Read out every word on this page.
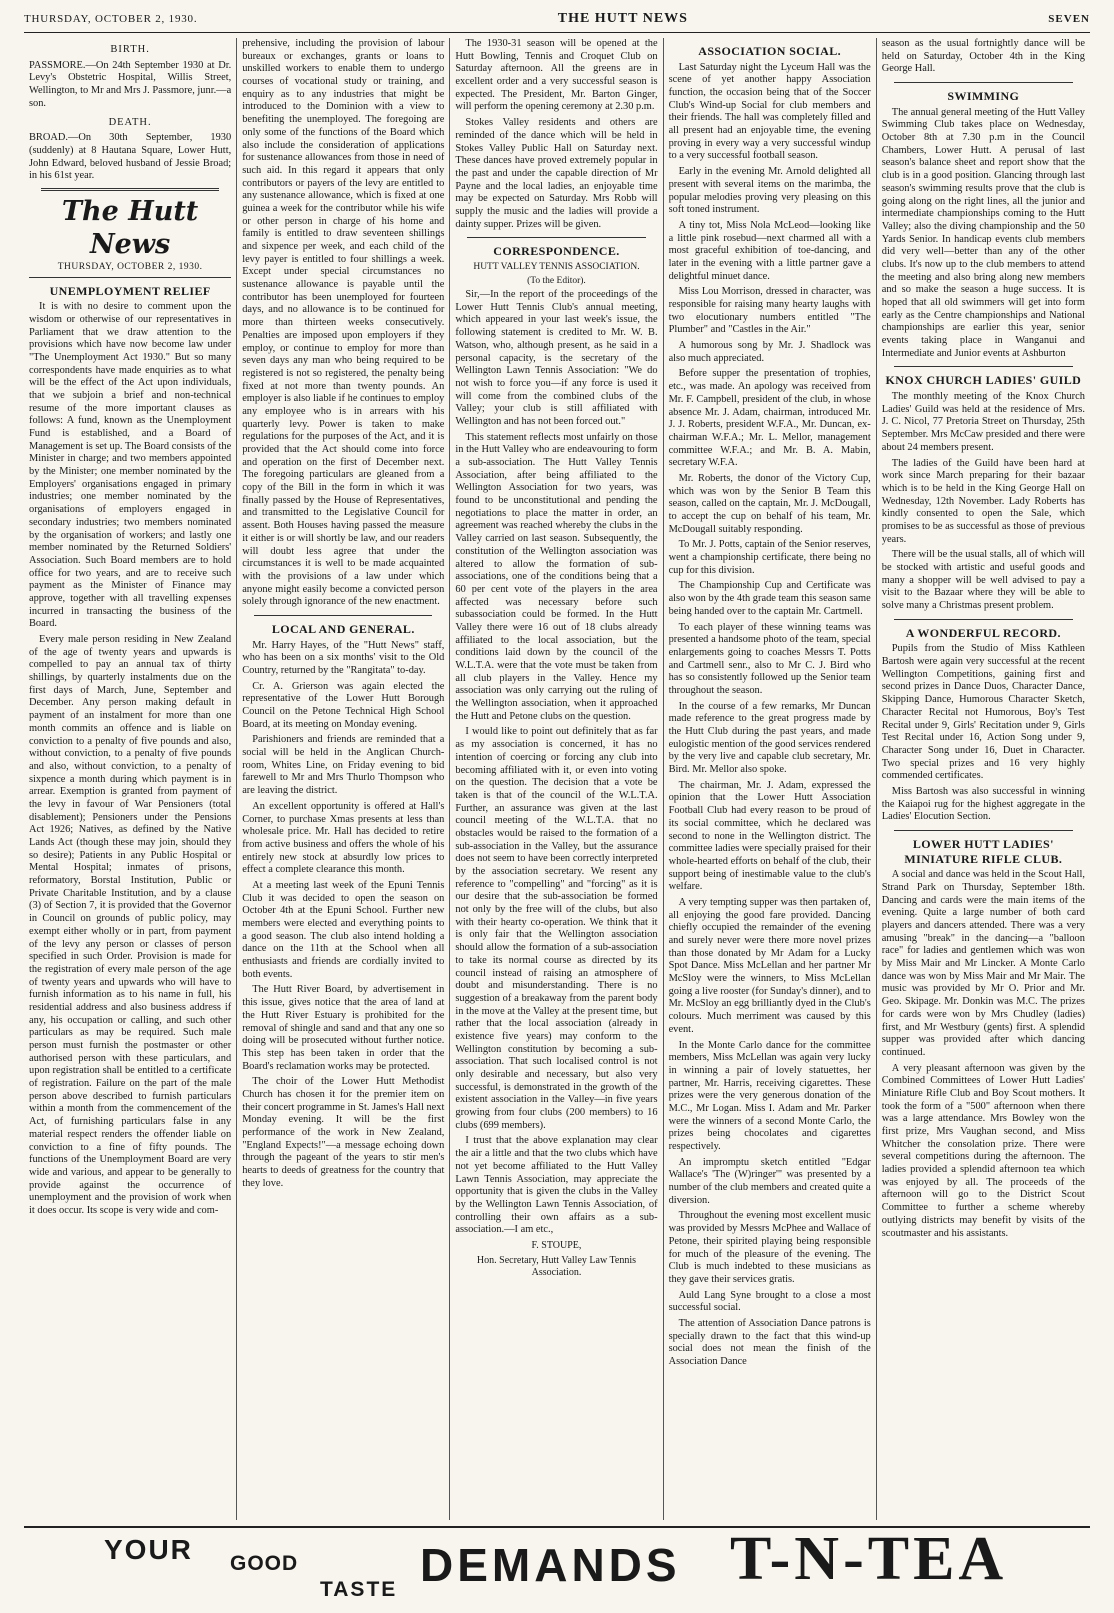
THURSDAY, OCTOBER 2, 1930.	THE HUTT NEWS	SEVEN
BIRTH.

PASSMORE.—On 24th September 1930 at Dr. Levy's Obstetric Hospital, Willis Street, Wellington, to Mr and Mrs J. Passmore, junr.—a son.

DEATH.

BROAD.—On 30th September, 1930 (suddenly) at 8 Hautana Square, Lower Hutt, John Edward, beloved husband of Jessie Broad; in his 61st year.

The Hutt News
THURSDAY, OCTOBER 2, 1930.
UNEMPLOYMENT RELIEF

It is with no desire to comment upon the wisdom or otherwise of our representatives in Parliament that we draw attention to the provisions which have now become law under "The Unemployment Act 1930." But so many correspondents have made enquiries as to what will be the effect of the Act upon individuals, that we subjoin a brief and non-technical resume of the more important clauses as follows: A fund, known as the Unemployment Fund is established, and a Board of Management is set up. The Board consists of the Minister in charge; and two members appointed by the Minister; one member nominated by the Employers' organisations engaged in primary industries; one member nominated by the organisations of employers engaged in secondary industries; two members nominated by the organisation of workers; and lastly one member nominated by the Returned Soldiers' Association. Such Board members are to hold office for two years, and are to receive such payment as the Minister of Finance may approve, together with all travelling expenses incurred in transacting the business of the Board.

Every male person residing in New Zealand of the age of twenty years and upwards is compelled to pay an annual tax of thirty shillings, by quarterly instalments due on the first days of March, June, September and December. Any person making default in payment of an instalment for more than one month commits an offence and is liable on conviction to a penalty of five pounds and also, without conviction, to a penalty of five pounds and also, without conviction, to a penalty of sixpence a month during which payment is in arrear. Exemption is granted from payment of the levy in favour of War Pensioners (total disablement); Pensioners under the Pensions Act 1926; Natives, as defined by the Native Lands Act (though these may join, should they so desire); Patients in any Public Hospital or Mental Hospital; inmates of prisons, reformatory, Borstal Institution, Public or Private Charitable Institution, and by a clause (3) of Section 7, it is provided that the Governor in Council on grounds of public policy, may exempt either wholly or in part, from payment of the levy any person or classes of person specified in such Order. Provision is made for the registration of every male person of the age of twenty years and upwards who will have to furnish information as to his name in full, his residential address and also business address if any, his occupation or calling, and such other particulars as may be required. Such male person must furnish the postmaster or other authorised person with these particulars, and upon registration shall be entitled to a certificate of registration. Failure on the part of the male person above described to furnish particulars within a month from the commencement of the Act, of furnishing particulars false in any material respect renders the offender liable on conviction to a fine of fifty pounds. The functions of the Unemployment Board are very wide and various, and appear to be generally to provide against the occurrence of unemployment and the provision of work when it does occur. Its scope is very wide and com-

prehensive, including the provision of labour bureaux or exchanges, grants or loans to unskilled workers to enable them to undergo courses of vocational study or training, and enquiry as to any industries that might be introduced to the Dominion with a view to benefiting the unemployed. The foregoing are only some of the functions of the Board which also include the consideration of applications for sustenance allowances from those in need of such aid. In this regard it appears that only contributors or payers of the levy are entitled to any sustenance allowance, which is fixed at one guinea a week for the contributor while his wife or other person in charge of his home and family is entitled to draw seventeen shillings and sixpence per week, and each child of the levy payer is entitled to four shillings a week. Except under special circumstances no sustenance allowance is payable until the contributor has been unemployed for fourteen days, and no allowance is to be continued for more than thirteen weeks consecutively. Penalties are imposed upon employers if they employ, or continue to employ for more than seven days any man who being required to be registered is not so registered, the penalty being fixed at not more than twenty pounds. An employer is also liable if he continues to employ any employee who is in arrears with his quarterly levy. Power is taken to make regulations for the purposes of the Act, and it is provided that the Act should come into force and operation on the first of December next. The foregoing particulars are gleaned from a copy of the Bill in the form in which it was finally passed by the House of Representatives, and transmitted to the Legislative Council for assent. Both Houses having passed the measure it either is or will shortly be law, and our readers will doubt less agree that under the circumstances it is well to be made acquainted with the provisions of a law under which anyone might easily become a convicted person solely through ignorance of the new enactment.

LOCAL AND GENERAL.

Mr. Harry Hayes, of the "Hutt News" staff, who has been on a six months' visit to the Old Country, returned by the "Rangitata" to-day.

Cr. A. Grierson was again elected the representative of the Lower Hutt Borough Council on the Petone Technical High School Board, at its meeting on Monday evening.

Parishioners and friends are reminded that a social will be held in the Anglican Church-room, Whites Line, on Friday evening to bid farewell to Mr and Mrs Thurlo Thompson who are leaving the district.

An excellent opportunity is offered at Hall's Corner, to purchase Xmas presents at less than wholesale price. Mr. Hall has decided to retire from active business and offers the whole of his entirely new stock at absurdly low prices to effect a complete clearance this month.

At a meeting last week of the Epuni Tennis Club it was decided to open the season on October 4th at the Epuni School. Further new members were elected and everything points to a good season. The club also intend holding a dance on the 11th at the School when all enthusiasts and friends are cordially invited to both events.

The Hutt River Board, by advertisement in this issue, gives notice that the area of land at the Hutt River Estuary is prohibited for the removal of shingle and sand and that any one so doing will be prosecuted without further notice. This step has been taken in order that the Board's reclamation works may be protected.

The choir of the Lower Hutt Methodist Church has chosen it for the premier item on their concert programme in St. James's Hall next Monday evening. It will be the first performance of the work in New Zealand, "England Expects!"—a message echoing down through the pageant of the years to stir men's hearts to deeds of greatness for the country that they love.

The 1930-31 season will be opened at the Hutt Bowling, Tennis and Croquet Club on Saturday afternoon. All the greens are in excellent order and a very successful season is expected. The President, Mr. Barton Ginger, will perform the opening ceremony at 2.30 p.m.

Stokes Valley residents and others are reminded of the dance which will be held in Stokes Valley Public Hall on Saturday next. These dances have proved extremely popular in the past and under the capable direction of Mr Payne and the local ladies, an enjoyable time may be expected on Saturday. Mrs Robb will supply the music and the ladies will provide a dainty supper. Prizes will be given.

CORRESPONDENCE.
HUTT VALLEY TENNIS ASSOCIATION.
(To the Editor).

Sir,—In the report of the proceedings of the Lower Hutt Tennis Club's annual meeting, which appeared in your last week's issue, the following statement is credited to Mr. W. B. Watson, who, although present, as he said in a personal capacity, is the secretary of the Wellington Lawn Tennis Association: "We do not wish to force you—if any force is used it will come from the combined clubs of the Valley; your club is still affiliated with Wellington and has not been forced out."

This statement reflects most unfairly on those in the Hutt Valley who are endeavouring to form a sub-association. The Hutt Valley Tennis Association, after being affiliated to the Wellington Association for two years, was found to be unconstitutional and pending the negotiations to place the matter in order, an agreement was reached whereby the clubs in the Valley carried on last season. Subsequently, the constitution of the Wellington association was altered to allow the formation of sub-associations, one of the conditions being that a 60 per cent vote of the players in the area affected was necessary before such subassociation could be formed. In the Hutt Valley there were 16 out of 18 clubs already affiliated to the local association, but the conditions laid down by the council of the W.L.T.A. were that the vote must be taken from all club players in the Valley. Hence my association was only carrying out the ruling of the Wellington association, when it approached the Hutt and Petone clubs on the question.

I would like to point out definitely that as far as my association is concerned, it has no intention of coercing or forcing any club into becoming affiliated with it, or even into voting on the question. The decision that a vote be taken is that of the council of the W.L.T.A. Further, an assurance was given at the last council meeting of the W.L.T.A. that no obstacles would be raised to the formation of a sub-association in the Valley, but the assurance does not seem to have been correctly interpreted by the association secretary. We resent any reference to "compelling" and "forcing" as it is our desire that the sub-association be formed not only by the free will of the clubs, but also with their hearty co-operation. We think that it is only fair that the Wellington association should allow the formation of a sub-association to take its normal course as directed by its council instead of raising an atmosphere of doubt and misunderstanding. There is no suggestion of a breakaway from the parent body in the move at the Valley at the present time, but rather that the local association (already in existence five years) may conform to the Wellington constitution by becoming a sub-association. That such localised control is not only desirable and necessary, but also very successful, is demonstrated in the growth of the existent association in the Valley—in five years growing from four clubs (200 members) to 16 clubs (699 members).

I trust that the above explanation may clear the air a little and that the two clubs which have not yet become affiliated to the Hutt Valley Lawn Tennis Association, may appreciate the opportunity that is given the clubs in the Valley by the Wellington Lawn Tennis Association, of controlling their own affairs as a sub-association.—I am etc.,

F. STOUPE,
Hon. Secretary, Hutt Valley Law Tennis Association.
ASSOCIATION SOCIAL.

Last Saturday night the Lyceum Hall was the scene of yet another happy Association function, the occasion being that of the Soccer Club's Wind-up Social for club members and their friends. The hall was completely filled and all present had an enjoyable time, the evening proving in every way a very successful windup to a very successful football season.

Early in the evening Mr. Arnold delighted all present with several items on the marimba, the popular melodies proving very pleasing on this soft toned instrument.

A tiny tot, Miss Nola McLeod—looking like a little pink rosebud—next charmed all with a most graceful exhibition of toe-dancing, and later in the evening with a little partner gave a delightful minuet dance.

Miss Lou Morrison, dressed in character, was responsible for raising many hearty laughs with two elocutionary numbers entitled "The Plumber" and "Castles in the Air."

A humorous song by Mr. J. Shadlock was also much appreciated.

Before supper the presentation of trophies, etc., was made. An apology was received from Mr. F. Campbell, president of the club, in whose absence Mr. J. Adam, chairman, introduced Mr. J. J. Roberts, president W.F.A., Mr. Duncan, ex-chairman W.F.A.; Mr. L. Mellor, management committee W.F.A.; and Mr. B. A. Mabin, secretary W.F.A.

Mr. Roberts, the donor of the Victory Cup, which was won by the Senior B Team this season, called on the captain, Mr. J. McDougall, to accept the cup on behalf of his team, Mr. McDougall suitably responding.

To Mr. J. Potts, captain of the Senior reserves, went a championship certificate, there being no cup for this division.

The Championship Cup and Certificate was also won by the 4th grade team this season same being handed over to the captain Mr. Cartmell.

To each player of these winning teams was presented a handsome photo of the team, special enlargements going to coaches Messrs T. Potts and Cartmell senr., also to Mr C. J. Bird who has so consistently followed up the Senior team throughout the season.

In the course of a few remarks, Mr Duncan made reference to the great progress made by the Hutt Club during the past years, and made eulogistic mention of the good services rendered by the very live and capable club secretary, Mr. Bird. Mr. Mellor also spoke.

The chairman, Mr. J. Adam, expressed the opinion that the Lower Hutt Association Football Club had every reason to be proud of its social committee, which he declared was second to none in the Wellington district. The committee ladies were specially praised for their whole-hearted efforts on behalf of the club, their support being of inestimable value to the club's welfare.

A very tempting supper was then partaken of, all enjoying the good fare provided. Dancing chiefly occupied the remainder of the evening and surely never were there more novel prizes than those donated by Mr Adam for a Lucky Spot Dance. Miss McLellan and her partner Mr McSloy were the winners, to Miss McLellan going a live rooster (for Sunday's dinner), and to Mr. McSloy an egg brilliantly dyed in the Club's colours. Much merriment was caused by this event.

In the Monte Carlo dance for the committee members, Miss McLellan was again very lucky in winning a pair of lovely statuettes, her partner, Mr. Harris, receiving cigarettes. These prizes were the very generous donation of the M.C., Mr Logan. Miss I. Adam and Mr. Parker were the winners of a second Monte Carlo, the prizes being chocolates and cigarettes respectively.

An impromptu sketch entitled "Edgar Wallace's 'The (W)ringer'" was presented by a number of the club members and created quite a diversion.

Throughout the evening most excellent music was provided by Messrs McPhee and Wallace of Petone, their spirited playing being responsible for much of the pleasure of the evening. The Club is much indebted to these musicians as they gave their services gratis.

Auld Lang Syne brought to a close a most successful social.

The attention of Association Dance patrons is specially drawn to the fact that this wind-up social does not mean the finish of the Association Dance

season as the usual fortnightly dance will be held on Saturday, October 4th in the King George Hall.

SWIMMING

The annual general meeting of the Hutt Valley Swimming Club takes place on Wednesday, October 8th at 7.30 p.m in the Council Chambers, Lower Hutt. A perusal of last season's balance sheet and report show that the club is in a good position. Glancing through last season's swimming results prove that the club is going along on the right lines, all the junior and intermediate championships coming to the Hutt Valley; also the diving championship and the 50 Yards Senior. In handicap events club members did very well—better than any of the other clubs. It's now up to the club members to attend the meeting and also bring along new members and so make the season a huge success. It is hoped that all old swimmers will get into form early as the Centre championships and National championships are earlier this year, senior events taking place in Wanganui and Intermediate and Junior events at Ashburton

KNOX CHURCH LADIES' GUILD

The monthly meeting of the Knox Church Ladies' Guild was held at the residence of Mrs. J. C. Nicol, 77 Pretoria Street on Thursday, 25th September. Mrs McCaw presided and there were about 24 members present.

The ladies of the Guild have been hard at work since March preparing for their bazaar which is to be held in the King George Hall on Wednesday, 12th November. Lady Roberts has kindly consented to open the Sale, which promises to be as successful as those of previous years.

There will be the usual stalls, all of which will be stocked with artistic and useful goods and many a shopper will be well advised to pay a visit to the Bazaar where they will be able to solve many a Christmas present problem.

A WONDERFUL RECORD.

Pupils from the Studio of Miss Kathleen Bartosh were again very successful at the recent Wellington Competitions, gaining first and second prizes in Dance Duos, Character Dance, Skipping Dance, Humorous Character Sketch, Character Recital not Humorous, Boy's Test Recital under 9, Girls' Recitation under 9, Girls Test Recital under 16, Action Song under 9, Character Song under 16, Duet in Character. Two special prizes and 16 very highly commended certificates.

Miss Bartosh was also successful in winning the Kaiapoi rug for the highest aggregate in the Ladies' Elocution Section.

LOWER HUTT LADIES' MINIATURE RIFLE CLUB.

A social and dance was held in the Scout Hall, Strand Park on Thursday, September 18th. Dancing and cards were the main items of the evening. Quite a large number of both card players and dancers attended. There was a very amusing "break" in the dancing—a "balloon race" for ladies and gentlemen which was won by Miss Mair and Mr Lincker. A Monte Carlo dance was won by Miss Mair and Mr Mair. The music was provided by Mr O. Prior and Mr. Geo. Skipage. Mr. Donkin was M.C. The prizes for cards were won by Mrs Chudley (ladies) first, and Mr Westbury (gents) first. A splendid supper was provided after which dancing continued.

A very pleasant afternoon was given by the Combined Committees of Lower Hutt Ladies' Miniature Rifle Club and Boy Scout mothers. It took the form of a "500" afternoon when there was a large attendance. Mrs Bowley won the first prize, Mrs Vaughan second, and Miss Whitcher the consolation prize. There were several competitions during the afternoon. The ladies provided a splendid afternoon tea which was enjoyed by all. The proceeds of the afternoon will go to the District Scout Committee to further a scheme whereby outlying districts may benefit by visits of the scoutmaster and his assistants.

YOUR GOOD
TASTE DEMANDS T-N-TEA
